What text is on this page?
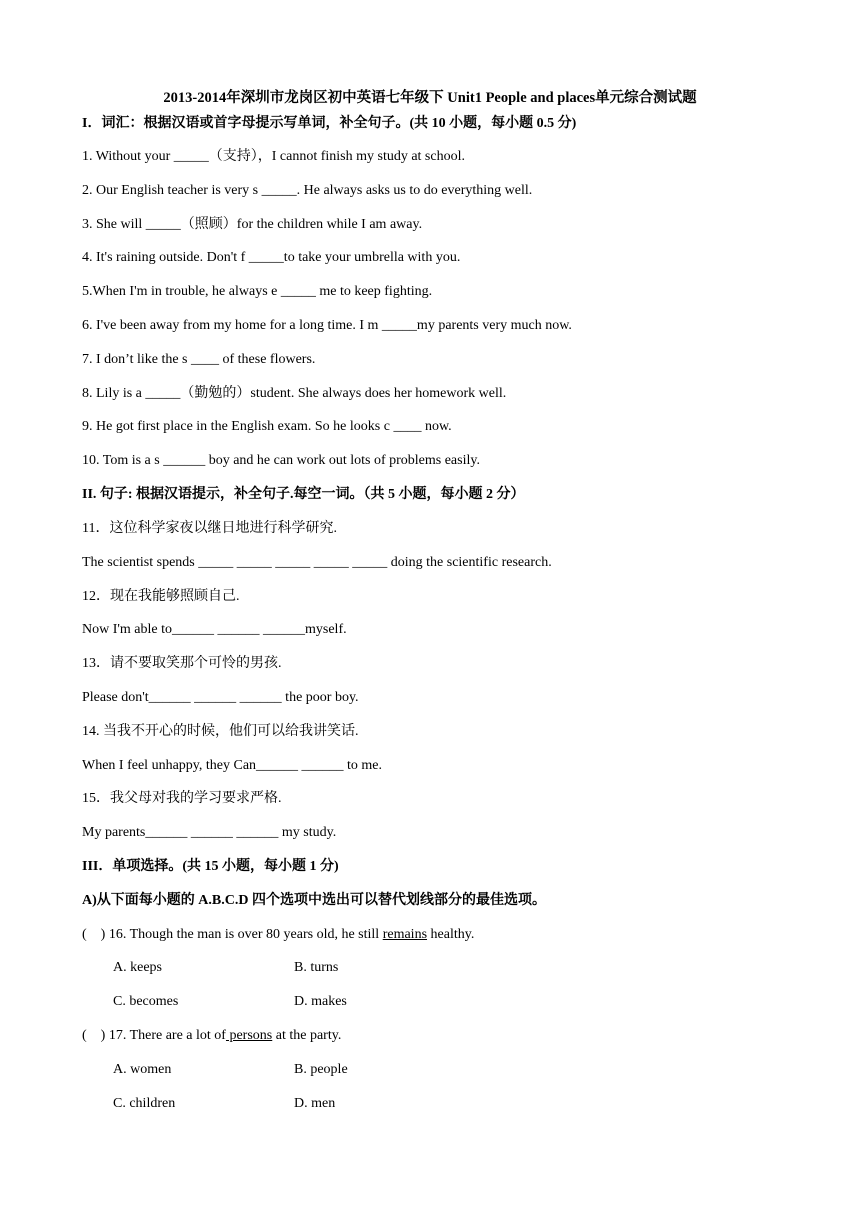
2013-2014年深圳市龙岗区初中英语七年级下 Unit1 People and places单元综合测试题
I．词汇：根据汉语或首字母提示写单词，补全句子。(共 10 小题，每小题 0.5 分)
1. Without your _____（支持），I cannot finish my study at school.
2. Our English teacher is very s _____. He always asks us to do everything well.
3. She will _____（照顾）for the children while I am away.
4. It's raining outside. Don't f _____to take your umbrella with you.
5.When I'm in trouble, he always e _____ me to keep fighting.
6. I've been away from my home for a long time. I m _____my parents very much now.
7. I don’t like the s ____ of these flowers.
8. Lily is a _____（勤勉的）student. She always does her homework well.
9. He got first place in the English exam. So he looks c ____ now.
10. Tom is a s ______ boy and he can work out lots of problems easily.
II. 句子: 根据汉语提示，补全句子.每空一词。（共 5 小题，每小题 2 分）
11．这位科学家夜以继日地进行科学研究.
The scientist spends _____ _____ _____ _____ _____ doing the scientific research.
12．现在我能够照顾自己.
Now I'm able to______ ______ ______myself.
13．请不要取笑那个可怜的男孩.
Please don't______ ______ ______ the poor boy.
14. 当我不开心的时候，他们可以给我讲笑话.
When I feel unhappy, they Can______ ______ to me.
15．我父母对我的学习要求严格.
My parents______ ______ ______ my study.
III．单项选择。(共 15 小题，每小题 1 分)
A)从下面每小题的 A.B.C.D 四个选项中选出可以替代划线部分的最佳选项。
(    ) 16. Though the man is over 80 years old, he still remains healthy.
A. keeps	B. turns
C. becomes	D. makes
(    ) 17. There are a lot of persons at the party.
A. women	B. people
C. children	D. men
